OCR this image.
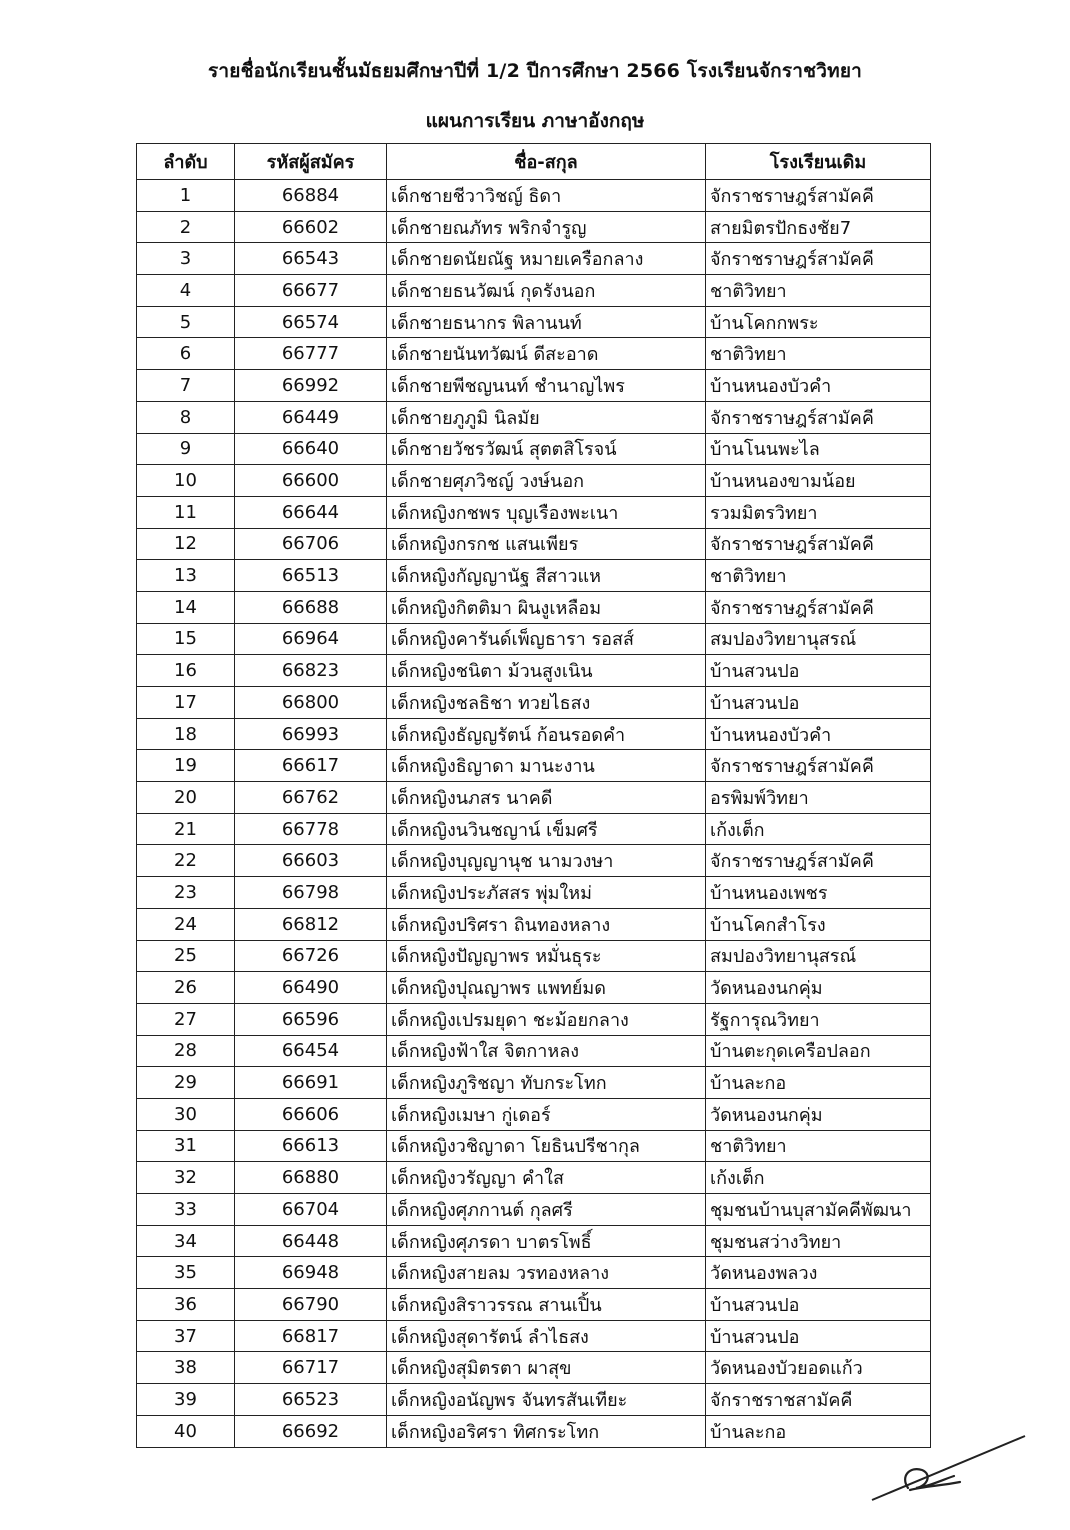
รายชื่อนักเรียนชั้นมัธยมศึกษาปีที่ 1/2 ปีการศึกษา 2566 โรงเรียนจักราชวิทยา
แผนการเรียน ภาษาอังกฤษ
ลำดับ	รหัสผู้สมัคร	ชื่อ-สกุล	โรงเรียนเดิม
1	66884	เด็กชายชีวาวิชญ์ ธิดา	จักราชราษฎร์สามัคคี
2	66602	เด็กชายณภัทร พริกจำรูญ	สายมิตรปักธงชัย7
3	66543	เด็กชายดนัยณัฐ หมายเครือกลาง	จักราชราษฎร์สามัคคี
4	66677	เด็กชายธนวัฒน์ กุดรังนอก	ชาติวิทยา
5	66574	เด็กชายธนากร พิลานนท์	บ้านโคกกพระ
6	66777	เด็กชายนันทวัฒน์ ดีสะอาด	ชาติวิทยา
7	66992	เด็กชายพีชญนนท์ ชำนาญไพร	บ้านหนองบัวคำ
8	66449	เด็กชายภูภูมิ นิลมัย	จักราชราษฎร์สามัคคี
9	66640	เด็กชายวัชรวัฒน์ สุตตสิโรจน์	บ้านโนนพะไล
10	66600	เด็กชายศุภวิชญ์ วงษ์นอก	บ้านหนองขามน้อย
11	66644	เด็กหญิงกชพร บุญเรืองพะเนา	รวมมิตรวิทยา
12	66706	เด็กหญิงกรกช แสนเพียร	จักราชราษฎร์สามัคคี
13	66513	เด็กหญิงกัญญานัฐ สีสาวแห	ชาติวิทยา
14	66688	เด็กหญิงกิตติมา ผินงูเหลือม	จักราชราษฎร์สามัคคี
15	66964	เด็กหญิงคารันด์เพ็ญธารา รอสส์	สมปองวิทยานุสรณ์
16	66823	เด็กหญิงชนิตา ม้วนสูงเนิน	บ้านสวนปอ
17	66800	เด็กหญิงชลธิชา ทวยไธสง	บ้านสวนปอ
18	66993	เด็กหญิงธัญญรัตน์ ก้อนรอดคำ	บ้านหนองบัวคำ
19	66617	เด็กหญิงธิญาดา มานะงาน	จักราชราษฎร์สามัคคี
20	66762	เด็กหญิงนภสร นาคดี	อรพิมพ์วิทยา
21	66778	เด็กหญิงนวินชญาน์ เข็มศรี	เก้งเต็ก
22	66603	เด็กหญิงบุญญานุช นามวงษา	จักราชราษฎร์สามัคคี
23	66798	เด็กหญิงประภัสสร พุ่มใหม่	บ้านหนองเพชร
24	66812	เด็กหญิงปริศรา ถินทองหลาง	บ้านโคกสำโรง
25	66726	เด็กหญิงปัญญาพร หมั่นธุระ	สมปองวิทยานุสรณ์
26	66490	เด็กหญิงปุณญาพร แพทย์มด	วัดหนองนกคุ่ม
27	66596	เด็กหญิงเปรมยุดา ชะม้อยกลาง	รัฐการุณวิทยา
28	66454	เด็กหญิงฟ้าใส จิตกาหลง	บ้านตะกุดเครือปลอก
29	66691	เด็กหญิงภูริชญา ทับกระโทก	บ้านละกอ
30	66606	เด็กหญิงเมษา กู่เดอร์	วัดหนองนกคุ่ม
31	66613	เด็กหญิงวชิญาดา โยธินปรีชากุล	ชาติวิทยา
32	66880	เด็กหญิงวรัญญา คำใส	เก้งเต็ก
33	66704	เด็กหญิงศุภกานต์ กุลศรี	ชุมชนบ้านบุสามัคคีพัฒนา
34	66448	เด็กหญิงศุภรดา บาตรโพธิ์	ชุมชนสว่างวิทยา
35	66948	เด็กหญิงสายลม วรทองหลาง	วัดหนองพลวง
36	66790	เด็กหญิงสิราวรรณ สานเปิ้น	บ้านสวนปอ
37	66817	เด็กหญิงสุดารัตน์ ลำไธสง	บ้านสวนปอ
38	66717	เด็กหญิงสุมิตรตา ผาสุข	วัดหนองบัวยอดแก้ว
39	66523	เด็กหญิงอนัญพร จันทรสันเทียะ	จักราชราชสามัคคี
40	66692	เด็กหญิงอริศรา ทิศกระโทก	บ้านละกอ
